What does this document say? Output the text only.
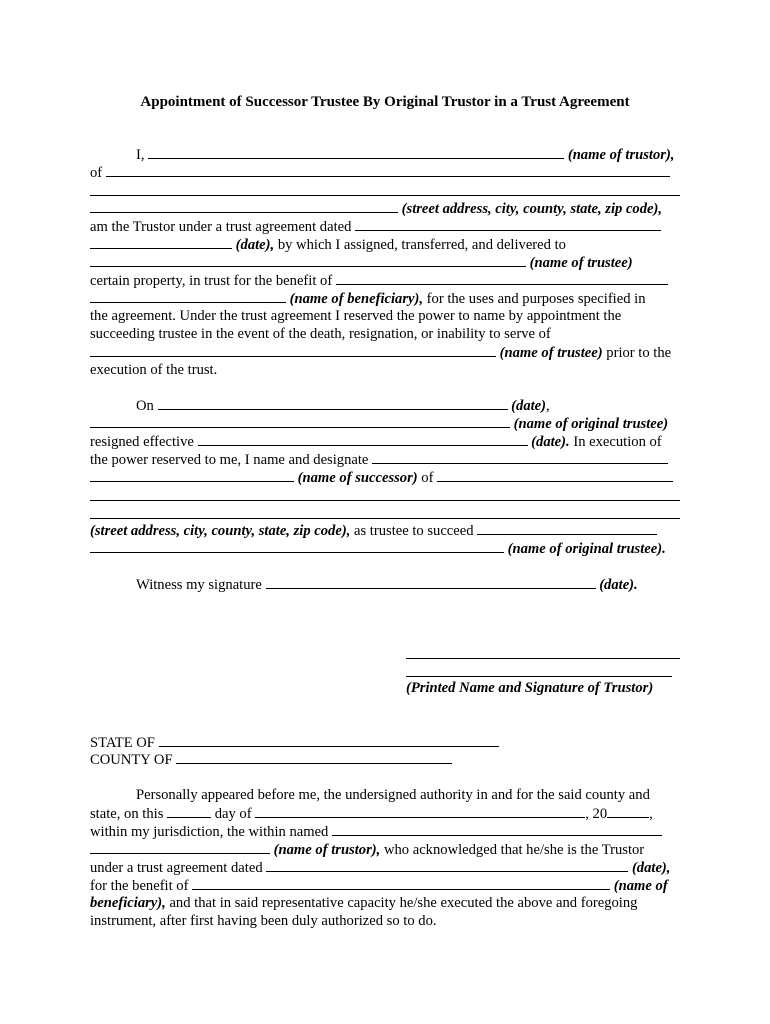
Appointment of Successor Trustee By Original Trustor in a Trust Agreement
I,	(name of trustor),
of
(street address, city, county, state, zip code),
am the Trustor under a trust agreement dated
(date), by which I assigned, transferred, and delivered to
(name of trustee)
certain property, in trust for the benefit of
(name of beneficiary), for the uses and purposes specified in
the agreement. Under the trust agreement I reserved the power to name by appointment the
succeeding trustee in the event of the death, resignation, or inability to serve of
(name of trustee) prior to the
execution of the trust.
On	(date),
(name of original trustee)
resigned effective	(date). In execution of
the power reserved to me, I name and designate
(name of successor) of
(street address, city, county, state, zip code), as trustee to succeed
(name of original trustee).
Witness my signature	(date).
(Printed Name and Signature of Trustor)
STATE OF
COUNTY OF
Personally appeared before me, the undersigned authority in and for the said county and
state, on this	day of	, 20	,
within my jurisdiction, the within named
(name of trustor), who acknowledged that he/she is the Trustor
under a trust agreement dated	(date),
for the benefit of	(name of
beneficiary), and that in said representative capacity he/she executed the above and foregoing
instrument, after first having been duly authorized so to do.
